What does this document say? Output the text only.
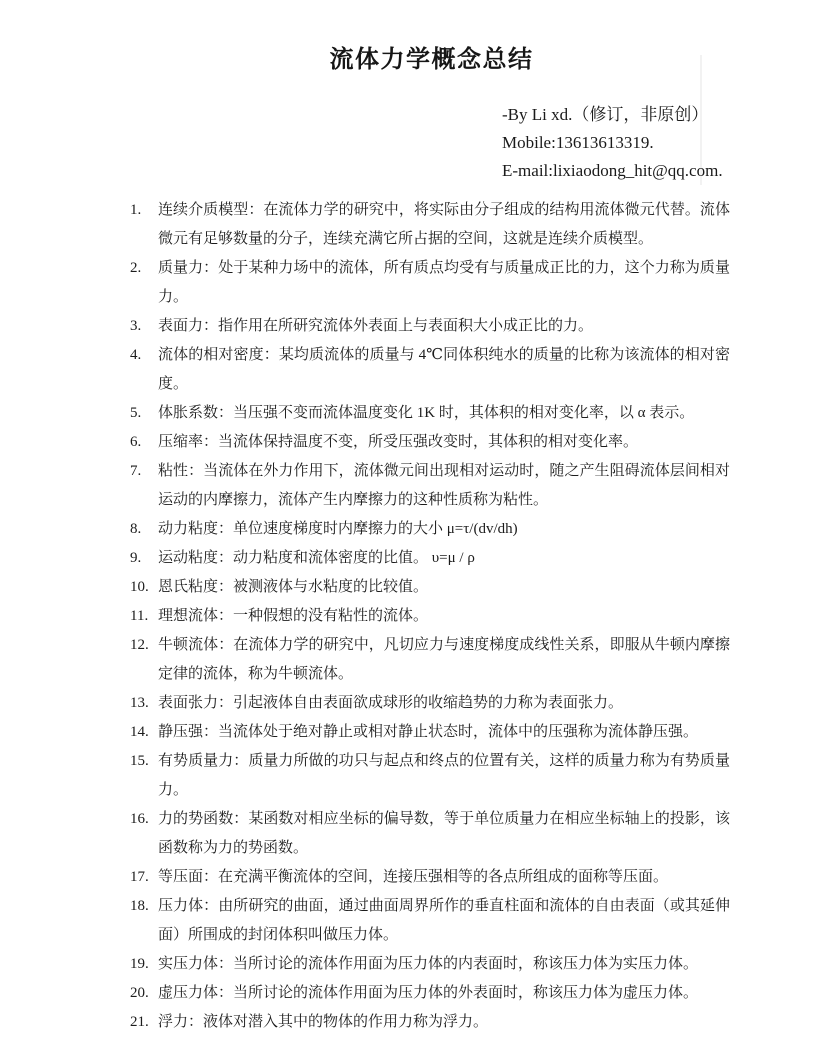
流体力学概念总结
-By Li xd.（修订，非原创）
Mobile:13613613319.
E-mail:lixiaodong_hit@qq.com.
1.	连续介质模型：在流体力学的研究中，将实际由分子组成的结构用流体微元代替。流体微元有足够数量的分子，连续充满它所占据的空间，这就是连续介质模型。
2.	质量力：处于某种力场中的流体，所有质点均受有与质量成正比的力，这个力称为质量力。
3.	表面力：指作用在所研究流体外表面上与表面积大小成正比的力。
4.	流体的相对密度：某均质流体的质量与 4℃同体积纯水的质量的比称为该流体的相对密度。
5.	体胀系数：当压强不变而流体温度变化 1K 时，其体积的相对变化率，以 α 表示。
6.	压缩率：当流体保持温度不变，所受压强改变时，其体积的相对变化率。
7.	粘性：当流体在外力作用下，流体微元间出现相对运动时，随之产生阻碍流体层间相对运动的内摩擦力，流体产生内摩擦力的这种性质称为粘性。
8.	动力粘度：单位速度梯度时内摩擦力的大小 μ=τ/(dv/dh)
9.	运动粘度：动力粘度和流体密度的比值。 υ=μ / ρ
10. 恩氏粘度：被测液体与水粘度的比较值。
11. 理想流体：一种假想的没有粘性的流体。
12. 牛顿流体：在流体力学的研究中，凡切应力与速度梯度成线性关系，即服从牛顿内摩擦定律的流体，称为牛顿流体。
13. 表面张力：引起液体自由表面欲成球形的收缩趋势的力称为表面张力。
14. 静压强：当流体处于绝对静止或相对静止状态时，流体中的压强称为流体静压强。
15. 有势质量力：质量力所做的功只与起点和终点的位置有关，这样的质量力称为有势质量力。
16. 力的势函数：某函数对相应坐标的偏导数，等于单位质量力在相应坐标轴上的投影，该函数称为力的势函数。
17. 等压面：在充满平衡流体的空间，连接压强相等的各点所组成的面称等压面。
18. 压力体：由所研究的曲面，通过曲面周界所作的垂直柱面和流体的自由表面（或其延伸面）所围成的封闭体积叫做压力体。
19. 实压力体：当所讨论的流体作用面为压力体的内表面时，称该压力体为实压力体。
20. 虚压力体：当所讨论的流体作用面为压力体的外表面时，称该压力体为虚压力体。
21. 浮力：液体对潜入其中的物体的作用力称为浮力。
